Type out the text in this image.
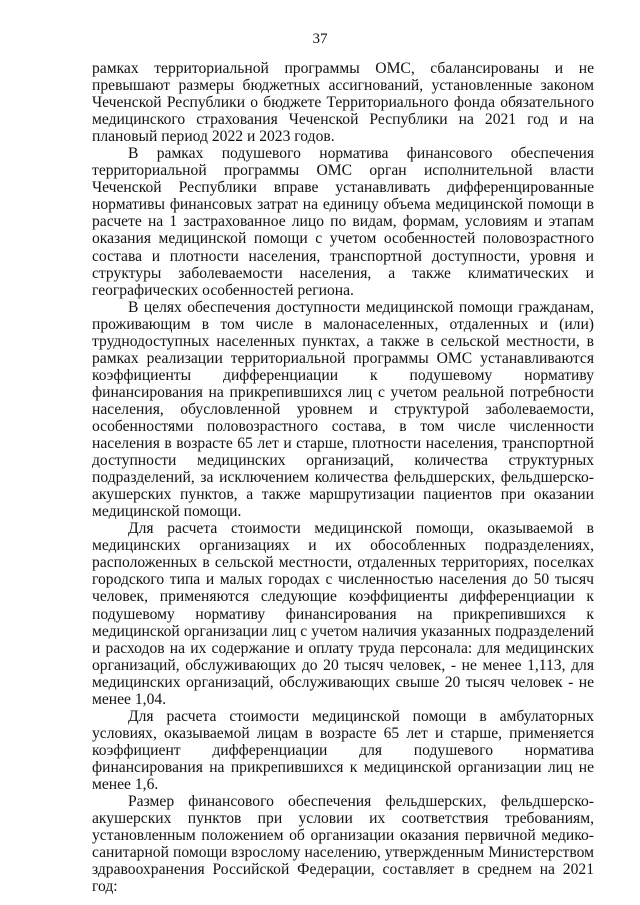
37

рамках территориальной программы ОМС, сбалансированы и не превышают размеры бюджетных ассигнований, установленные законом Чеченской Республики о бюджете Территориального фонда обязательного медицинского страхования Чеченской Республики на 2021 год и на плановый период 2022 и 2023 годов.

В рамках подушевого норматива финансового обеспечения территориальной программы ОМС орган исполнительной власти Чеченской Республики вправе устанавливать дифференцированные нормативы финансовых затрат на единицу объема медицинской помощи в расчете на 1 застрахованное лицо по видам, формам, условиям и этапам оказания медицинской помощи с учетом особенностей половозрастного состава и плотности населения, транспортной доступности, уровня и структуры заболеваемости населения, а также климатических и географических особенностей региона.

В целях обеспечения доступности медицинской помощи гражданам, проживающим в том числе в малонаселенных, отдаленных и (или) труднодоступных населенных пунктах, а также в сельской местности, в рамках реализации территориальной программы ОМС устанавливаются коэффициенты дифференциации к подушевому нормативу финансирования на прикрепившихся лиц с учетом реальной потребности населения, обусловленной уровнем и структурой заболеваемости, особенностями половозрастного состава, в том числе численности населения в возрасте 65 лет и старше, плотности населения, транспортной доступности медицинских организаций, количества структурных подразделений, за исключением количества фельдшерских, фельдшерско-акушерских пунктов, а также маршрутизации пациентов при оказании медицинской помощи.

Для расчета стоимости медицинской помощи, оказываемой в медицинских организациях и их обособленных подразделениях, расположенных в сельской местности, отдаленных территориях, поселках городского типа и малых городах с численностью населения до 50 тысяч человек, применяются следующие коэффициенты дифференциации к подушевому нормативу финансирования на прикрепившихся к медицинской организации лиц с учетом наличия указанных подразделений и расходов на их содержание и оплату труда персонала: для медицинских организаций, обслуживающих до 20 тысяч человек, - не менее 1,113, для медицинских организаций, обслуживающих свыше 20 тысяч человек - не менее 1,04.

Для расчета стоимости медицинской помощи в амбулаторных условиях, оказываемой лицам в возрасте 65 лет и старше, применяется коэффициент дифференциации для подушевого норматива финансирования на прикрепившихся к медицинской организации лиц не менее 1,6.

Размер финансового обеспечения фельдшерских, фельдшерско-акушерских пунктов при условии их соответствия требованиям, установленным положением об организации оказания первичной медико-санитарной помощи взрослому населению, утвержденным Министерством здравоохранения Российской Федерации, составляет в среднем на 2021 год:
